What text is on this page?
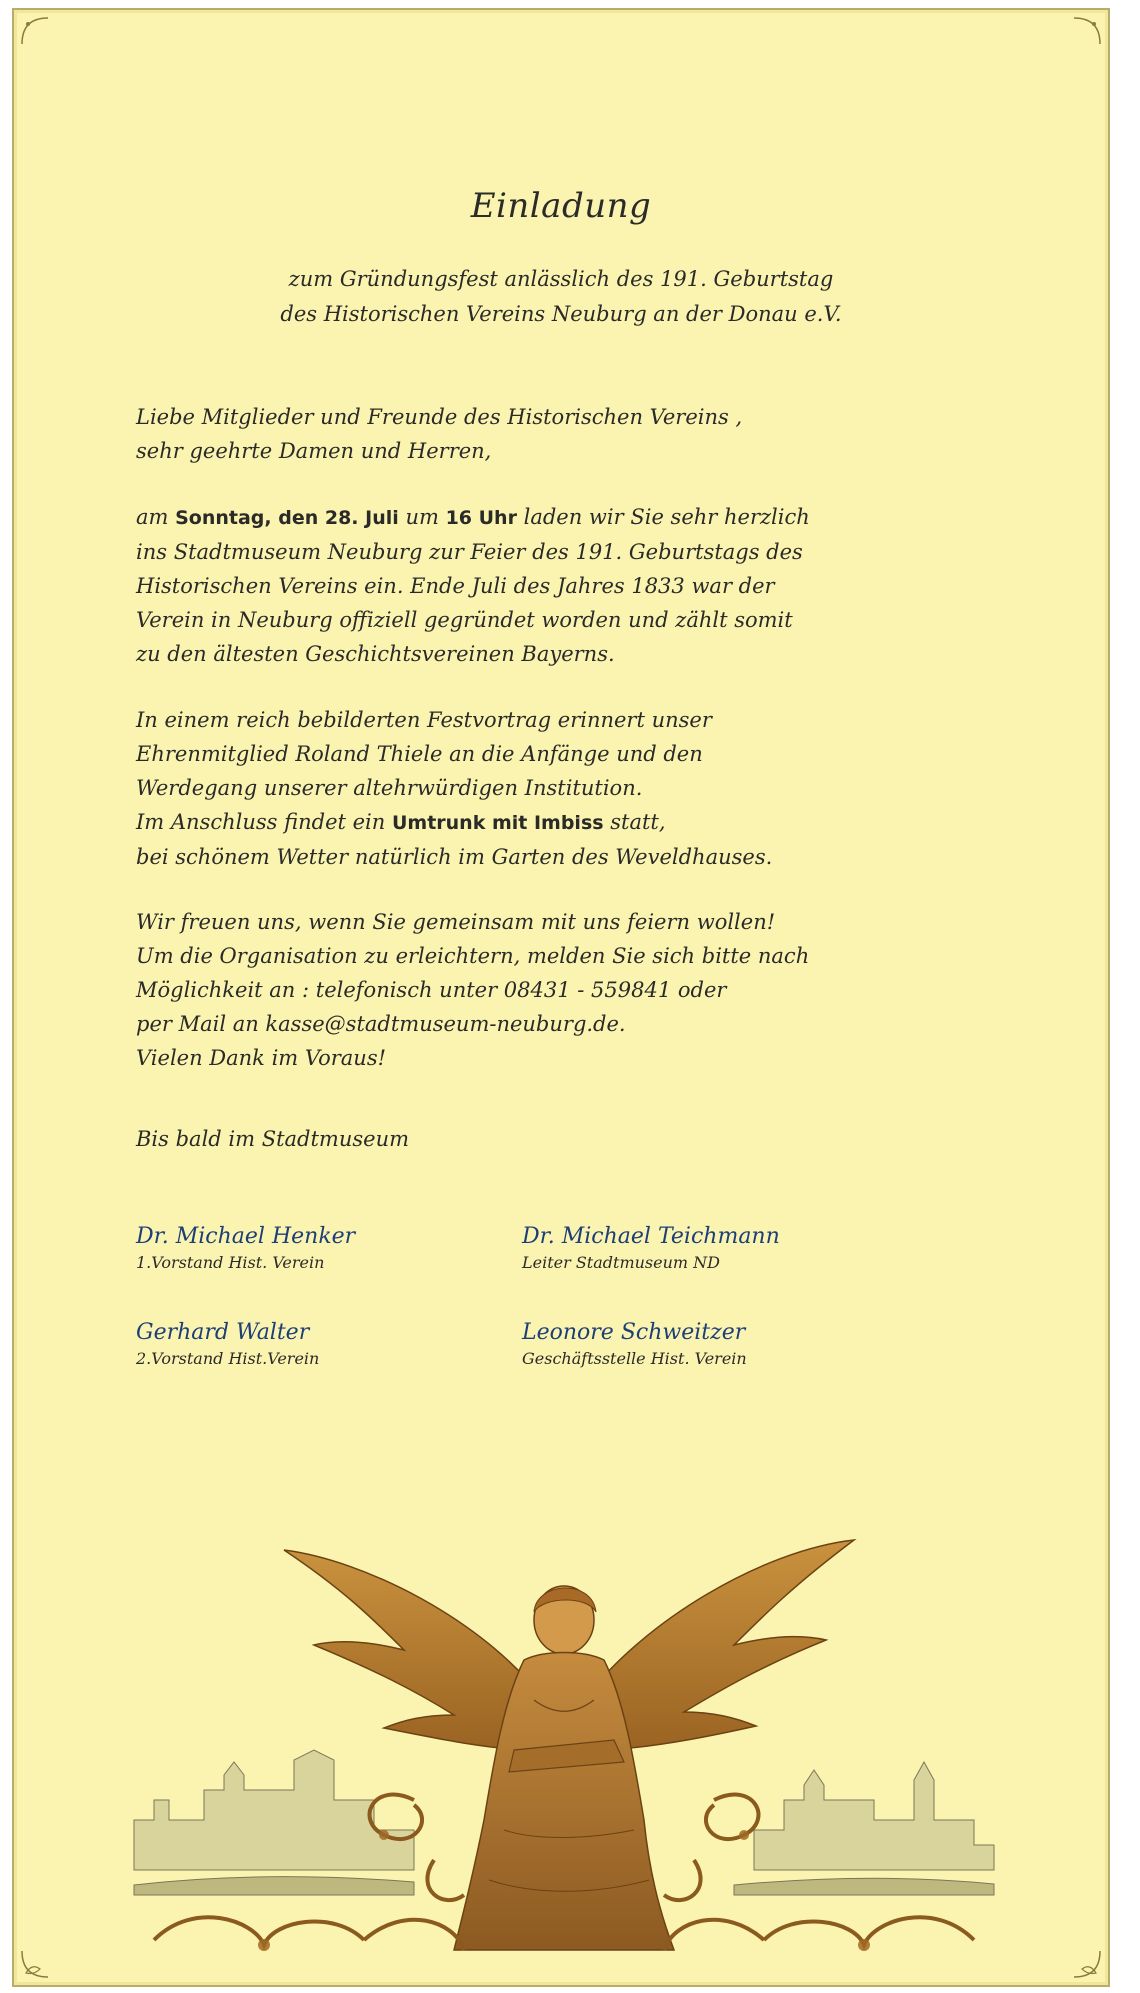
Einladung
zum Gründungsfest anlässlich des 191. Geburtstag
des Historischen Vereins Neuburg an der Donau e.V.

Liebe Mitglieder und Freunde des Historischen Vereins ,

sehr geehrte Damen und Herren,

am Sonntag, den 28. Juli um 16 Uhr laden wir Sie sehr herzlich

ins Stadtmuseum Neuburg zur Feier des 191. Geburtstags des

Historischen Vereins ein. Ende Juli des Jahres 1833 war der

Verein in Neuburg offiziell gegründet worden und zählt somit

zu den ältesten Geschichtsvereinen Bayerns.

In einem reich bebilderten Festvortrag erinnert unser

Ehrenmitglied Roland Thiele an die Anfänge und den

Werdegang unserer altehrwürdigen Institution.

Im Anschluss findet ein Umtrunk mit Imbiss statt,

bei schönem Wetter natürlich im Garten des Weveldhauses.

Wir freuen uns, wenn Sie gemeinsam mit uns feiern wollen!

Um die Organisation zu erleichtern, melden Sie sich bitte nach

Möglichkeit an : telefonisch unter 08431 - 559841 oder

per Mail an kasse@stadtmuseum-neuburg.de.

Vielen Dank im Voraus!

Bis bald im Stadtmuseum

Dr. Michael Henker

1.Vorstand Hist. Verein

Dr. Michael Teichmann

Leiter Stadtmuseum ND

Gerhard Walter

2.Vorstand Hist.Verein

Leonore Schweitzer

Geschäftsstelle Hist. Verein
